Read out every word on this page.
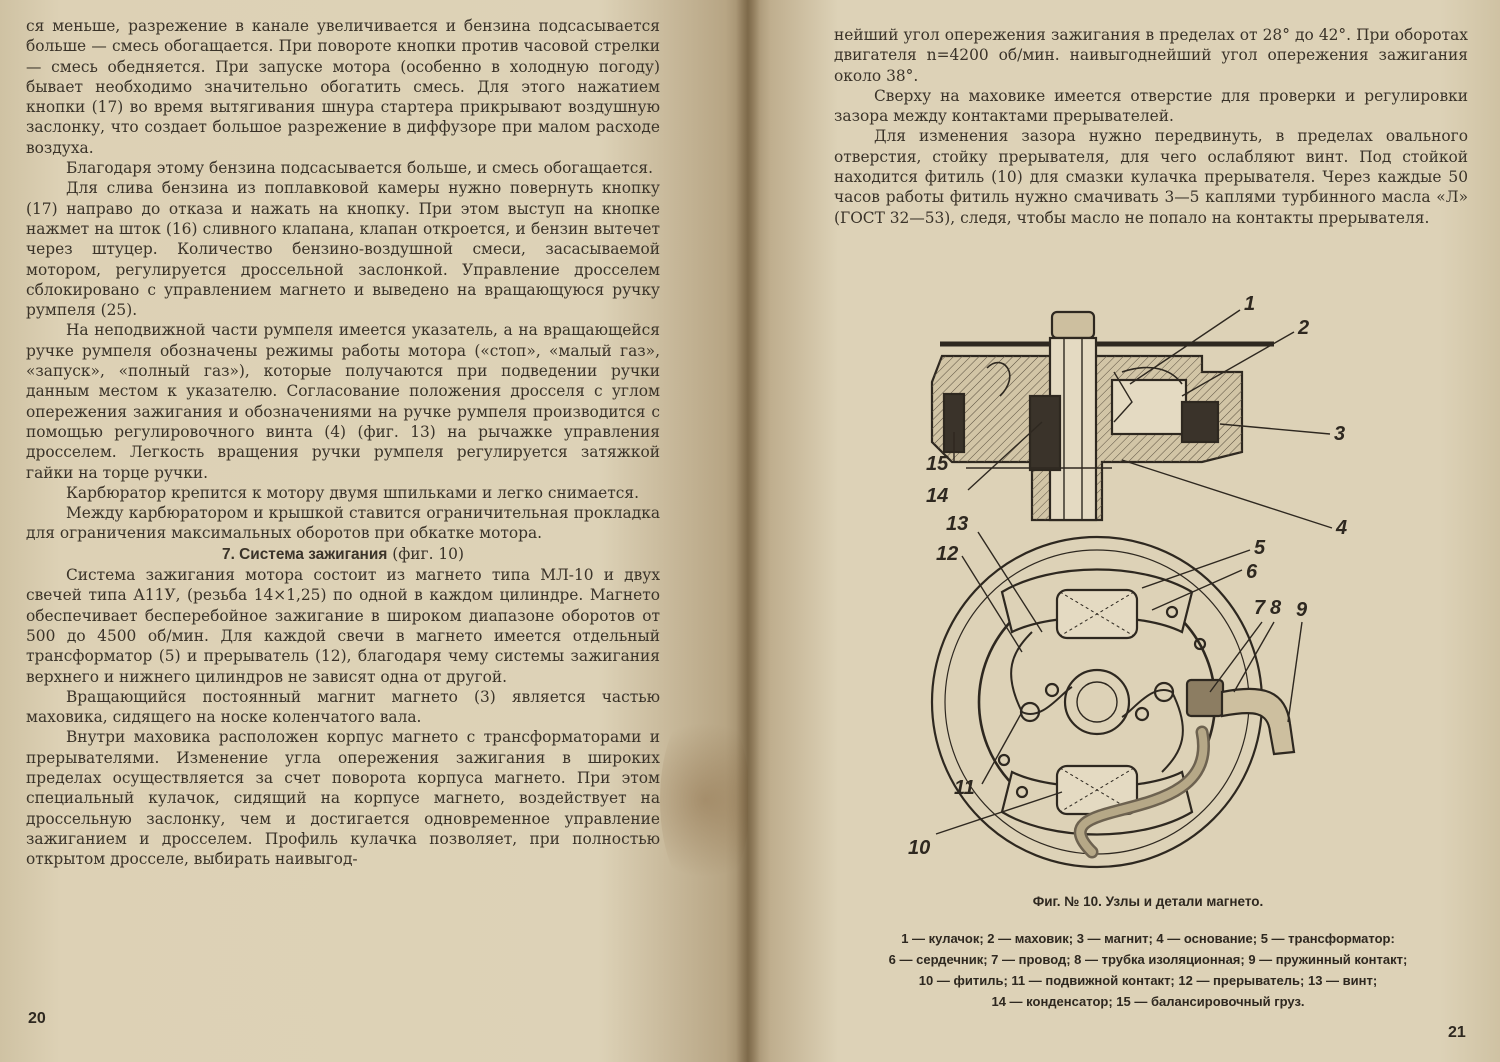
ся меньше, разрежение в канале увеличивается и бензина подсасывается больше — смесь обогащается. При повороте кнопки против часовой стрелки — смесь обедняется. При запуске мотора (особенно в холодную погоду) бывает необходимо значительно обогатить смесь. Для этого нажатием кнопки (17) во время вытягивания шнура стартера прикрывают воздушную заслонку, что создает большое разрежение в диффузоре при малом расходе воздуха.

Благодаря этому бензина подсасывается больше, и смесь обогащается.

Для слива бензина из поплавковой камеры нужно повернуть кнопку (17) направо до отказа и нажать на кнопку. При этом выступ на кнопке нажмет на шток (16) сливного клапана, клапан откроется, и бензин вытечет через штуцер. Количество бензино-воздушной смеси, засасываемой мотором, регулируется дроссельной заслонкой. Управление дросселем сблокировано с управлением магнето и выведено на вращающуюся ручку румпеля (25).

На неподвижной части румпеля имеется указатель, а на вращающейся ручке румпеля обозначены режимы работы мотора («стоп», «малый газ», «запуск», «полный газ»), которые получаются при подведении ручки данным местом к указателю. Согласование положения дросселя с углом опережения зажигания и обозначениями на ручке румпеля производится с помощью регулировочного винта (4) (фиг. 13) на рычажке управления дросселем. Легкость вращения ручки румпеля регулируется затяжкой гайки на торце ручки.

Карбюратор крепится к мотору двумя шпильками и легко снимается.

Между карбюратором и крышкой ставится ограничительная прокладка для ограничения максимальных оборотов при обкатке мотора.

7. Система зажигания (фиг. 10)

Система зажигания мотора состоит из магнето типа МЛ-10 и двух свечей типа А11У, (резьба 14×1,25) по одной в каждом цилиндре. Магнето обеспечивает бесперебойное зажигание в широком диапазоне оборотов от 500 до 4500 об/мин. Для каждой свечи в магнето имеется отдельный трансформатор (5) и прерыватель (12), благодаря чему системы зажигания верхнего и нижнего цилиндров не зависят одна от другой.

Вращающийся постоянный магнит магнето (3) является частью маховика, сидящего на носке коленчатого вала.

Внутри маховика расположен корпус магнето с трансформаторами и прерывателями. Изменение угла опережения зажигания в широких пределах осуществляется за счет поворота корпуса магнето. При этом специальный кулачок, сидящий на корпусе магнето, воздействует на дроссельную заслонку, чем и достигается одновременное управление зажиганием и дросселем. Профиль кулачка позволяет, при полностью открытом дросселе, выбирать наивыгод-

20

нейший угол опережения зажигания в пределах от 28° до 42°. При оборотах двигателя n=4200 об/мин. наивыгоднейший угол опережения зажигания около 38°.

Сверху на маховике имеется отверстие для проверки и регулировки зазора между контактами прерывателей.

Для изменения зазора нужно передвинуть, в пределах овального отверстия, стойку прерывателя, для чего ослабляют винт. Под стойкой находится фитиль (10) для смазки кулачка прерывателя. Через каждые 50 часов работы фитиль нужно смачивать 3—5 каплями турбинного масла «Л» (ГОСТ 32—53), следя, чтобы масло не попало на контакты прерывателя.

1
2
3
4
5
6
7 8 9
10
11
12
13
14
15
Фиг. № 10. Узлы и детали магнето.
1 — кулачок; 2 — маховик; 3 — магнит; 4 — основание; 5 — трансформатор:
6 — сердечник; 7 — провод; 8 — трубка изоляционная; 9 — пружинный контакт;
10 — фитиль; 11 — подвижной контакт; 12 — прерыватель; 13 — винт;
14 — конденсатор; 15 — балансировочный груз.
21
